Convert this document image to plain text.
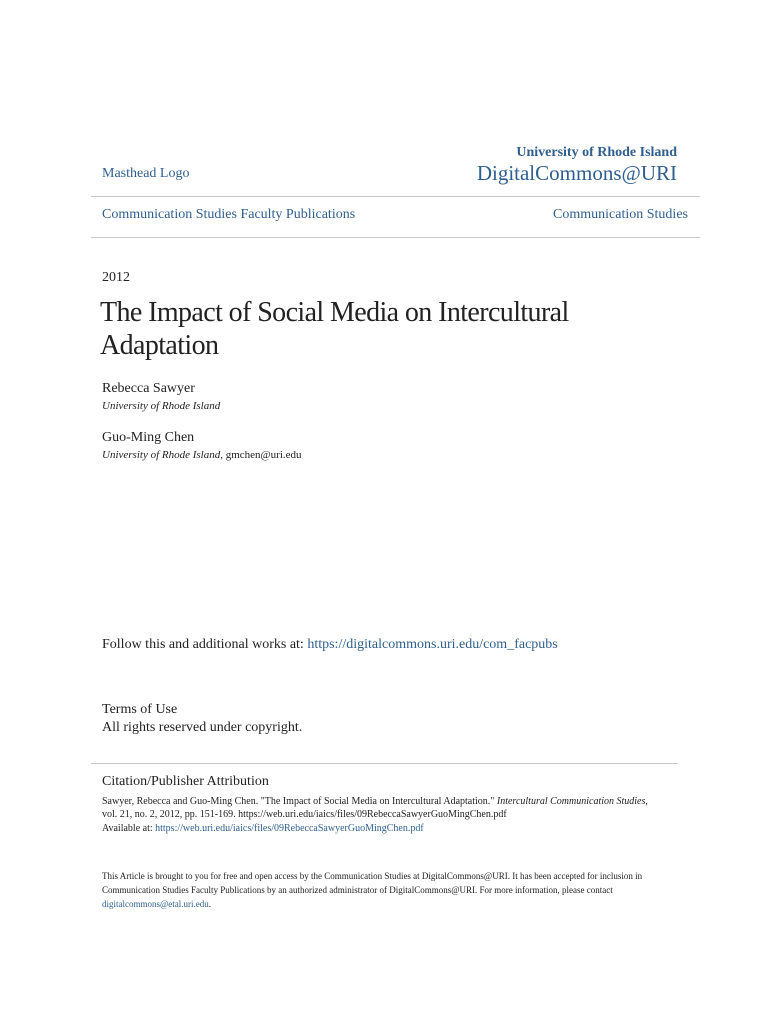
Masthead Logo
University of Rhode Island
DigitalCommons@URI
Communication Studies Faculty Publications	Communication Studies
2012
The Impact of Social Media on Intercultural
Adaptation
Rebecca Sawyer
University of Rhode Island
Guo-Ming Chen
University of Rhode Island, gmchen@uri.edu
Follow this and additional works at: https://digitalcommons.uri.edu/com_facpubs
Terms of Use
All rights reserved under copyright.
Citation/Publisher Attribution
Sawyer, Rebecca and Guo-Ming Chen. "The Impact of Social Media on Intercultural Adaptation." Intercultural Communication Studies,
vol. 21, no. 2, 2012, pp. 151-169. https://web.uri.edu/iaics/files/09RebeccaSawyerGuoMingChen.pdf
Available at: https://web.uri.edu/iaics/files/09RebeccaSawyerGuoMingChen.pdf
This Article is brought to you for free and open access by the Communication Studies at DigitalCommons@URI. It has been accepted for inclusion in
Communication Studies Faculty Publications by an authorized administrator of DigitalCommons@URI. For more information, please contact
digitalcommons@etal.uri.edu.
